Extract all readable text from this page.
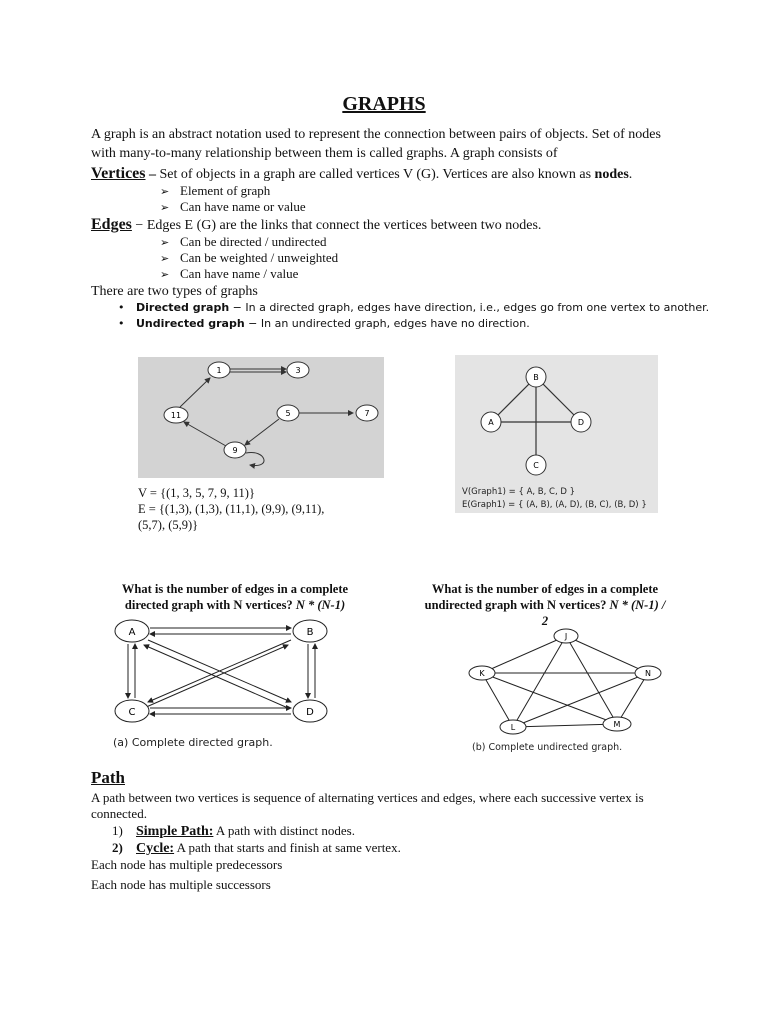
GRAPHS
A graph is an abstract notation used to represent the connection between pairs of objects. Set of nodes with many-to-many relationship between them is called graphs. A graph consists of
Vertices – Set of objects in a graph are called vertices V (G). Vertices are also known as nodes.
➢ Element of graph
➢ Can have name or value
Edges − Edges E (G) are the links that connect the vertices between two nodes.
➢ Can be directed / undirected
➢ Can be weighted / unweighted
➢ Can have name / value
There are two types of graphs
• Directed graph − In a directed graph, edges have direction, i.e., edges go from one vertex to another.
• Undirected graph − In an undirected graph, edges have no direction.
1	3
11	5	7
9
V = {(1, 3, 5, 7, 9, 11)}
E = {(1,3), (1,3), (11,1), (9,9), (9,11),
(5,7), (5,9)}
B
A	D
C
V(Graph1) = { A, B, C, D }
E(Graph1) = { (A, B), (A, D), (B, C), (B, D) }
What is the number of edges in a complete
directed graph with N vertices? N * (N-1)
A	B
C	D
(a) Complete directed graph.
What is the number of edges in a complete
undirected graph with N vertices? N * (N-1) /
2
J
K	N
L	M
(b) Complete undirected graph.
Path
A path between two vertices is sequence of alternating vertices and edges, where each successive vertex is connected.
1) Simple Path: A path with distinct nodes.
2) Cycle: A path that starts and finish at same vertex.
Each node has multiple predecessors
Each node has multiple successors
